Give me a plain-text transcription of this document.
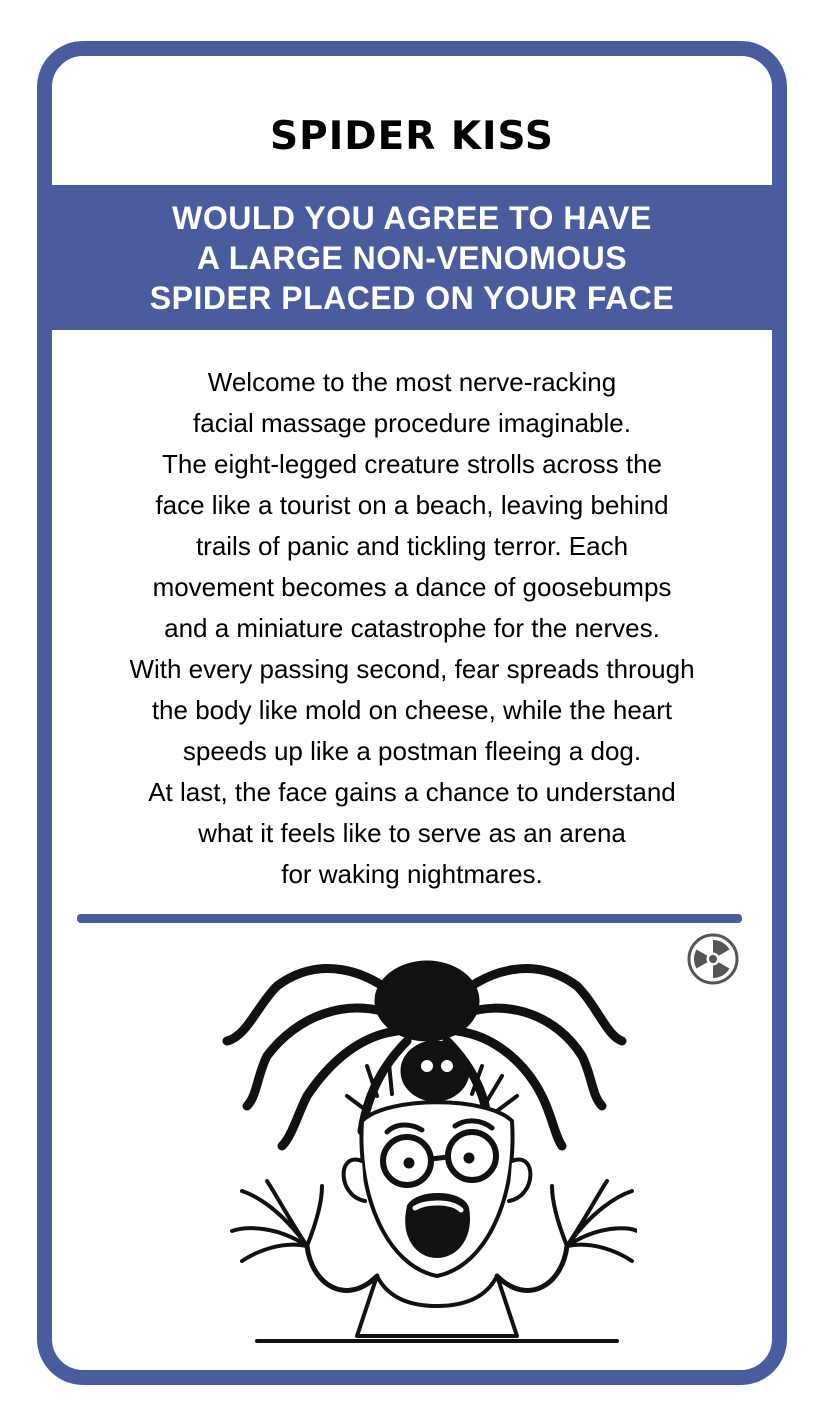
SPIDER KISS
WOULD YOU AGREE TO HAVE
A LARGE NON-VENOMOUS
SPIDER PLACED ON YOUR FACE
Welcome to the most nerve-racking
facial massage procedure imaginable.
The eight-legged creature strolls across the
face like a tourist on a beach, leaving behind
trails of panic and tickling terror. Each
movement becomes a dance of goosebumps
and a miniature catastrophe for the nerves.
With every passing second, fear spreads through
the body like mold on cheese, while the heart
speeds up like a postman fleeing a dog.
At last, the face gains a chance to understand
what it feels like to serve as an arena
for waking nightmares.
